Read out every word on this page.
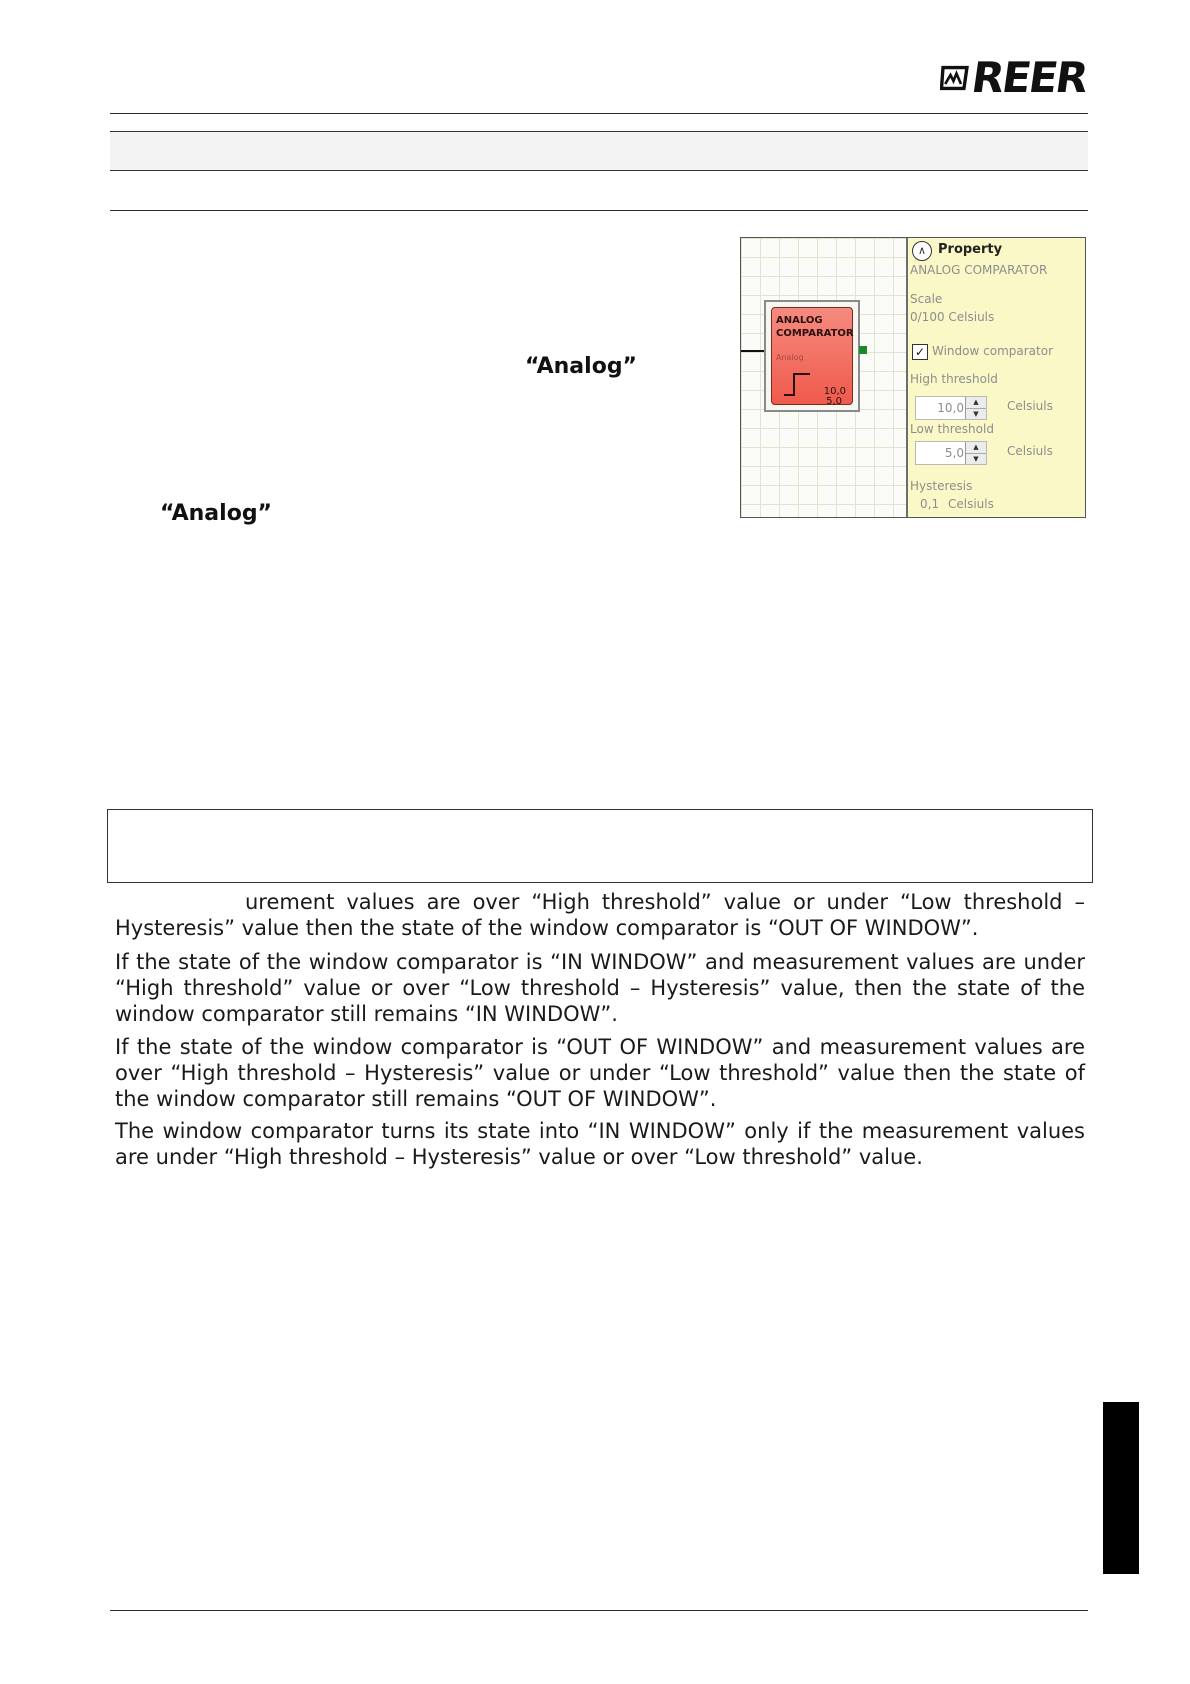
REER
“Analog”
“Analog”
ANALOG
COMPARATOR
Analog
10,0
5,0
∧ Property
ANALOG COMPARATOR
Scale
0/100 Celsiuls
✓ Window comparator
High threshold
10,0	▲
▼
Celsiuls
Low threshold
5,0	▲
▼
Celsiuls
Hysteresis
0,1 Celsiuls
urement values are over “High threshold” value or under “Low threshold – Hysteresis” value then the state of the window comparator is “OUT OF WINDOW”.
If the state of the window comparator is “IN WINDOW” and measurement values are under “High threshold” value or over “Low threshold – Hysteresis” value, then the state of the window comparator still remains “IN WINDOW”.
If the state of the window comparator is “OUT OF WINDOW” and measurement values are over “High threshold – Hysteresis” value or under “Low threshold” value then the state of the window comparator still remains “OUT OF WINDOW”.
The window comparator turns its state into “IN WINDOW” only if the measurement values are under “High threshold – Hysteresis” value or over “Low threshold” value.
